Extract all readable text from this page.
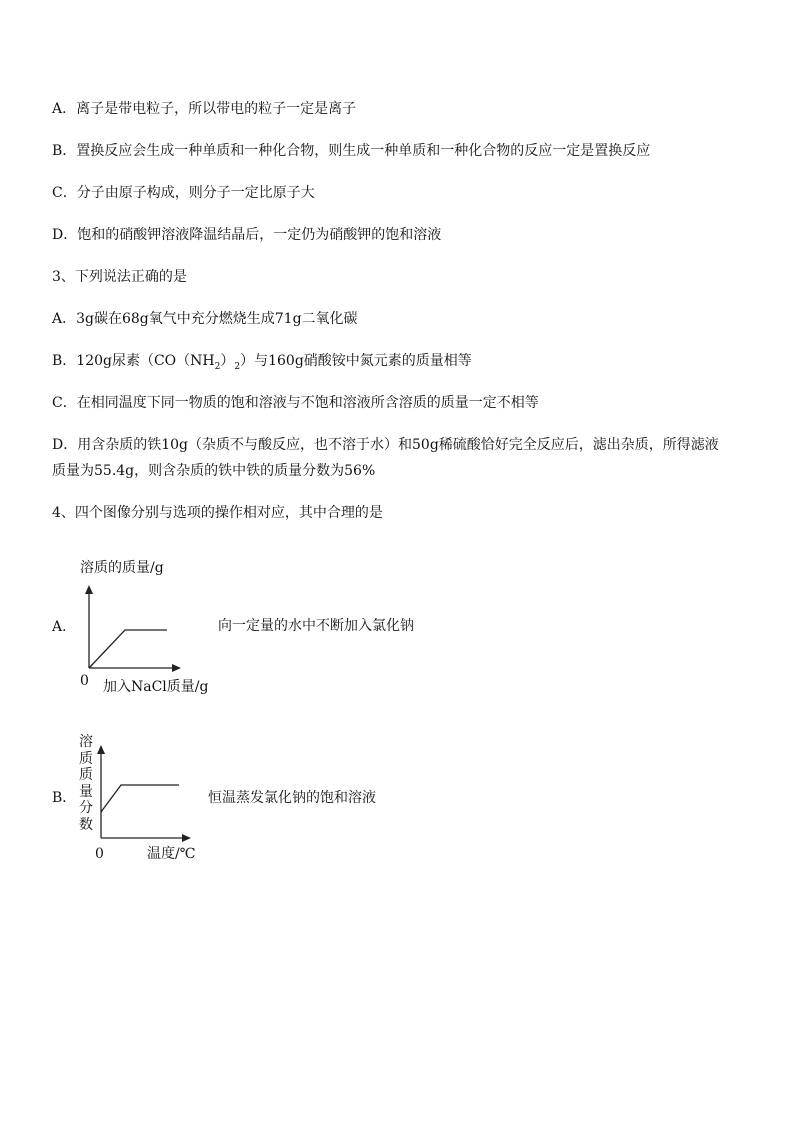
A．离子是带电粒子，所以带电的粒子一定是离子
B．置换反应会生成一种单质和一种化合物，则生成一种单质和一种化合物的反应一定是置换反应
C．分子由原子构成，则分子一定比原子大
D．饱和的硝酸钾溶液降温结晶后，一定仍为硝酸钾的饱和溶液
3、下列说法正确的是
A．3g碳在68g氧气中充分燃烧生成71g二氧化碳
B．120g尿素$(CO(NH_2)_2)$与160g硝酸铵中氮元素的质量相等
C．在相同温度下同一物质的饱和溶液与不饱和溶液所含溶质的质量一定不相等
D．用含杂质的铁10g（杂质不与酸反应，也不溶于水）和50g稀硫酸恰好完全反应后，滤出杂质，所得滤液
质量为55.4g，则含杂质的铁中铁的质量分数为56%
4、四个图像分别与选项的操作相对应，其中合理的是
溶质的质量/g
A．
0 加入NaCl质量/g
向一定量的水中不断加入氯化钠
溶
质
质
量
分
数
B．
0	温度/℃
恒温蒸发氯化钠的饱和溶液
